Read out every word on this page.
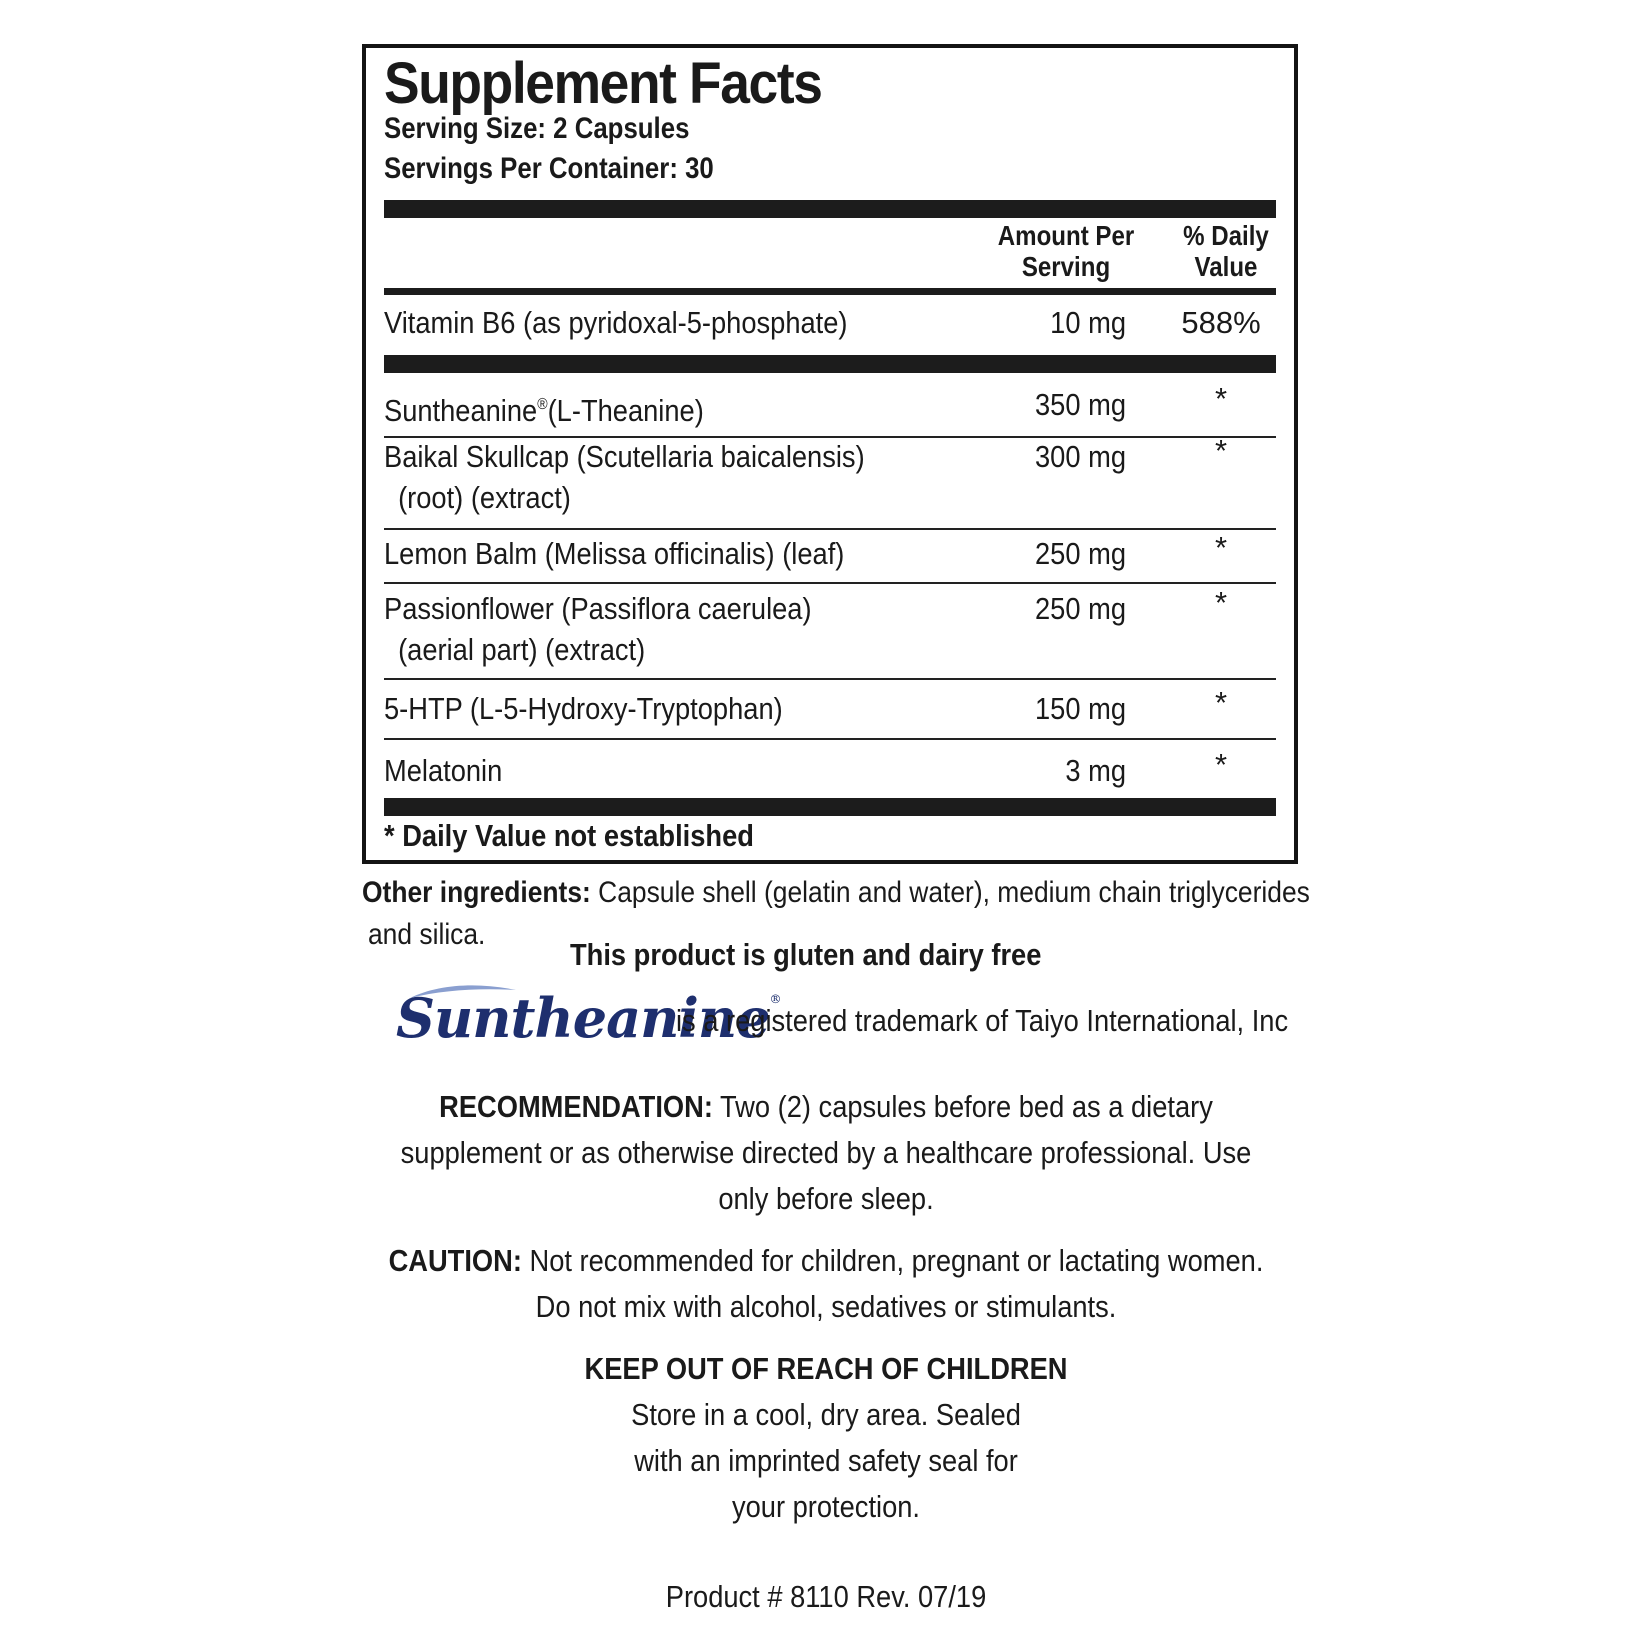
Supplement Facts
Serving Size: 2 Capsules
Servings Per Container: 30
Amount Per
Serving
% Daily
Value
Vitamin B6 (as pyridoxal-5-phosphate)	10 mg	588%
Suntheanine®(L-Theanine)	350 mg	*
Baikal Skullcap (Scutellaria baicalensis)
(root) (extract)
300 mg	*
Lemon Balm (Melissa officinalis) (leaf)	250 mg	*
Passionflower (Passiflora caerulea)
(aerial part) (extract)
250 mg	*
5-HTP (L-5-Hydroxy-Tryptophan)	150 mg	*
Melatonin	3 mg	*
* Daily Value not established
Other ingredients: Capsule shell (gelatin and water), medium chain triglycerides
and silica.
This product is gluten and dairy free
Suntheanine®
is a registered trademark of Taiyo International, Inc
RECOMMENDATION: Two (2) capsules before bed as a dietary
supplement or as otherwise directed by a healthcare professional. Use
only before sleep.
CAUTION: Not recommended for children, pregnant or lactating women.
Do not mix with alcohol, sedatives or stimulants.
KEEP OUT OF REACH OF CHILDREN
Store in a cool, dry area. Sealed
with an imprinted safety seal for
your protection.
Product # 8110 Rev. 07/19
